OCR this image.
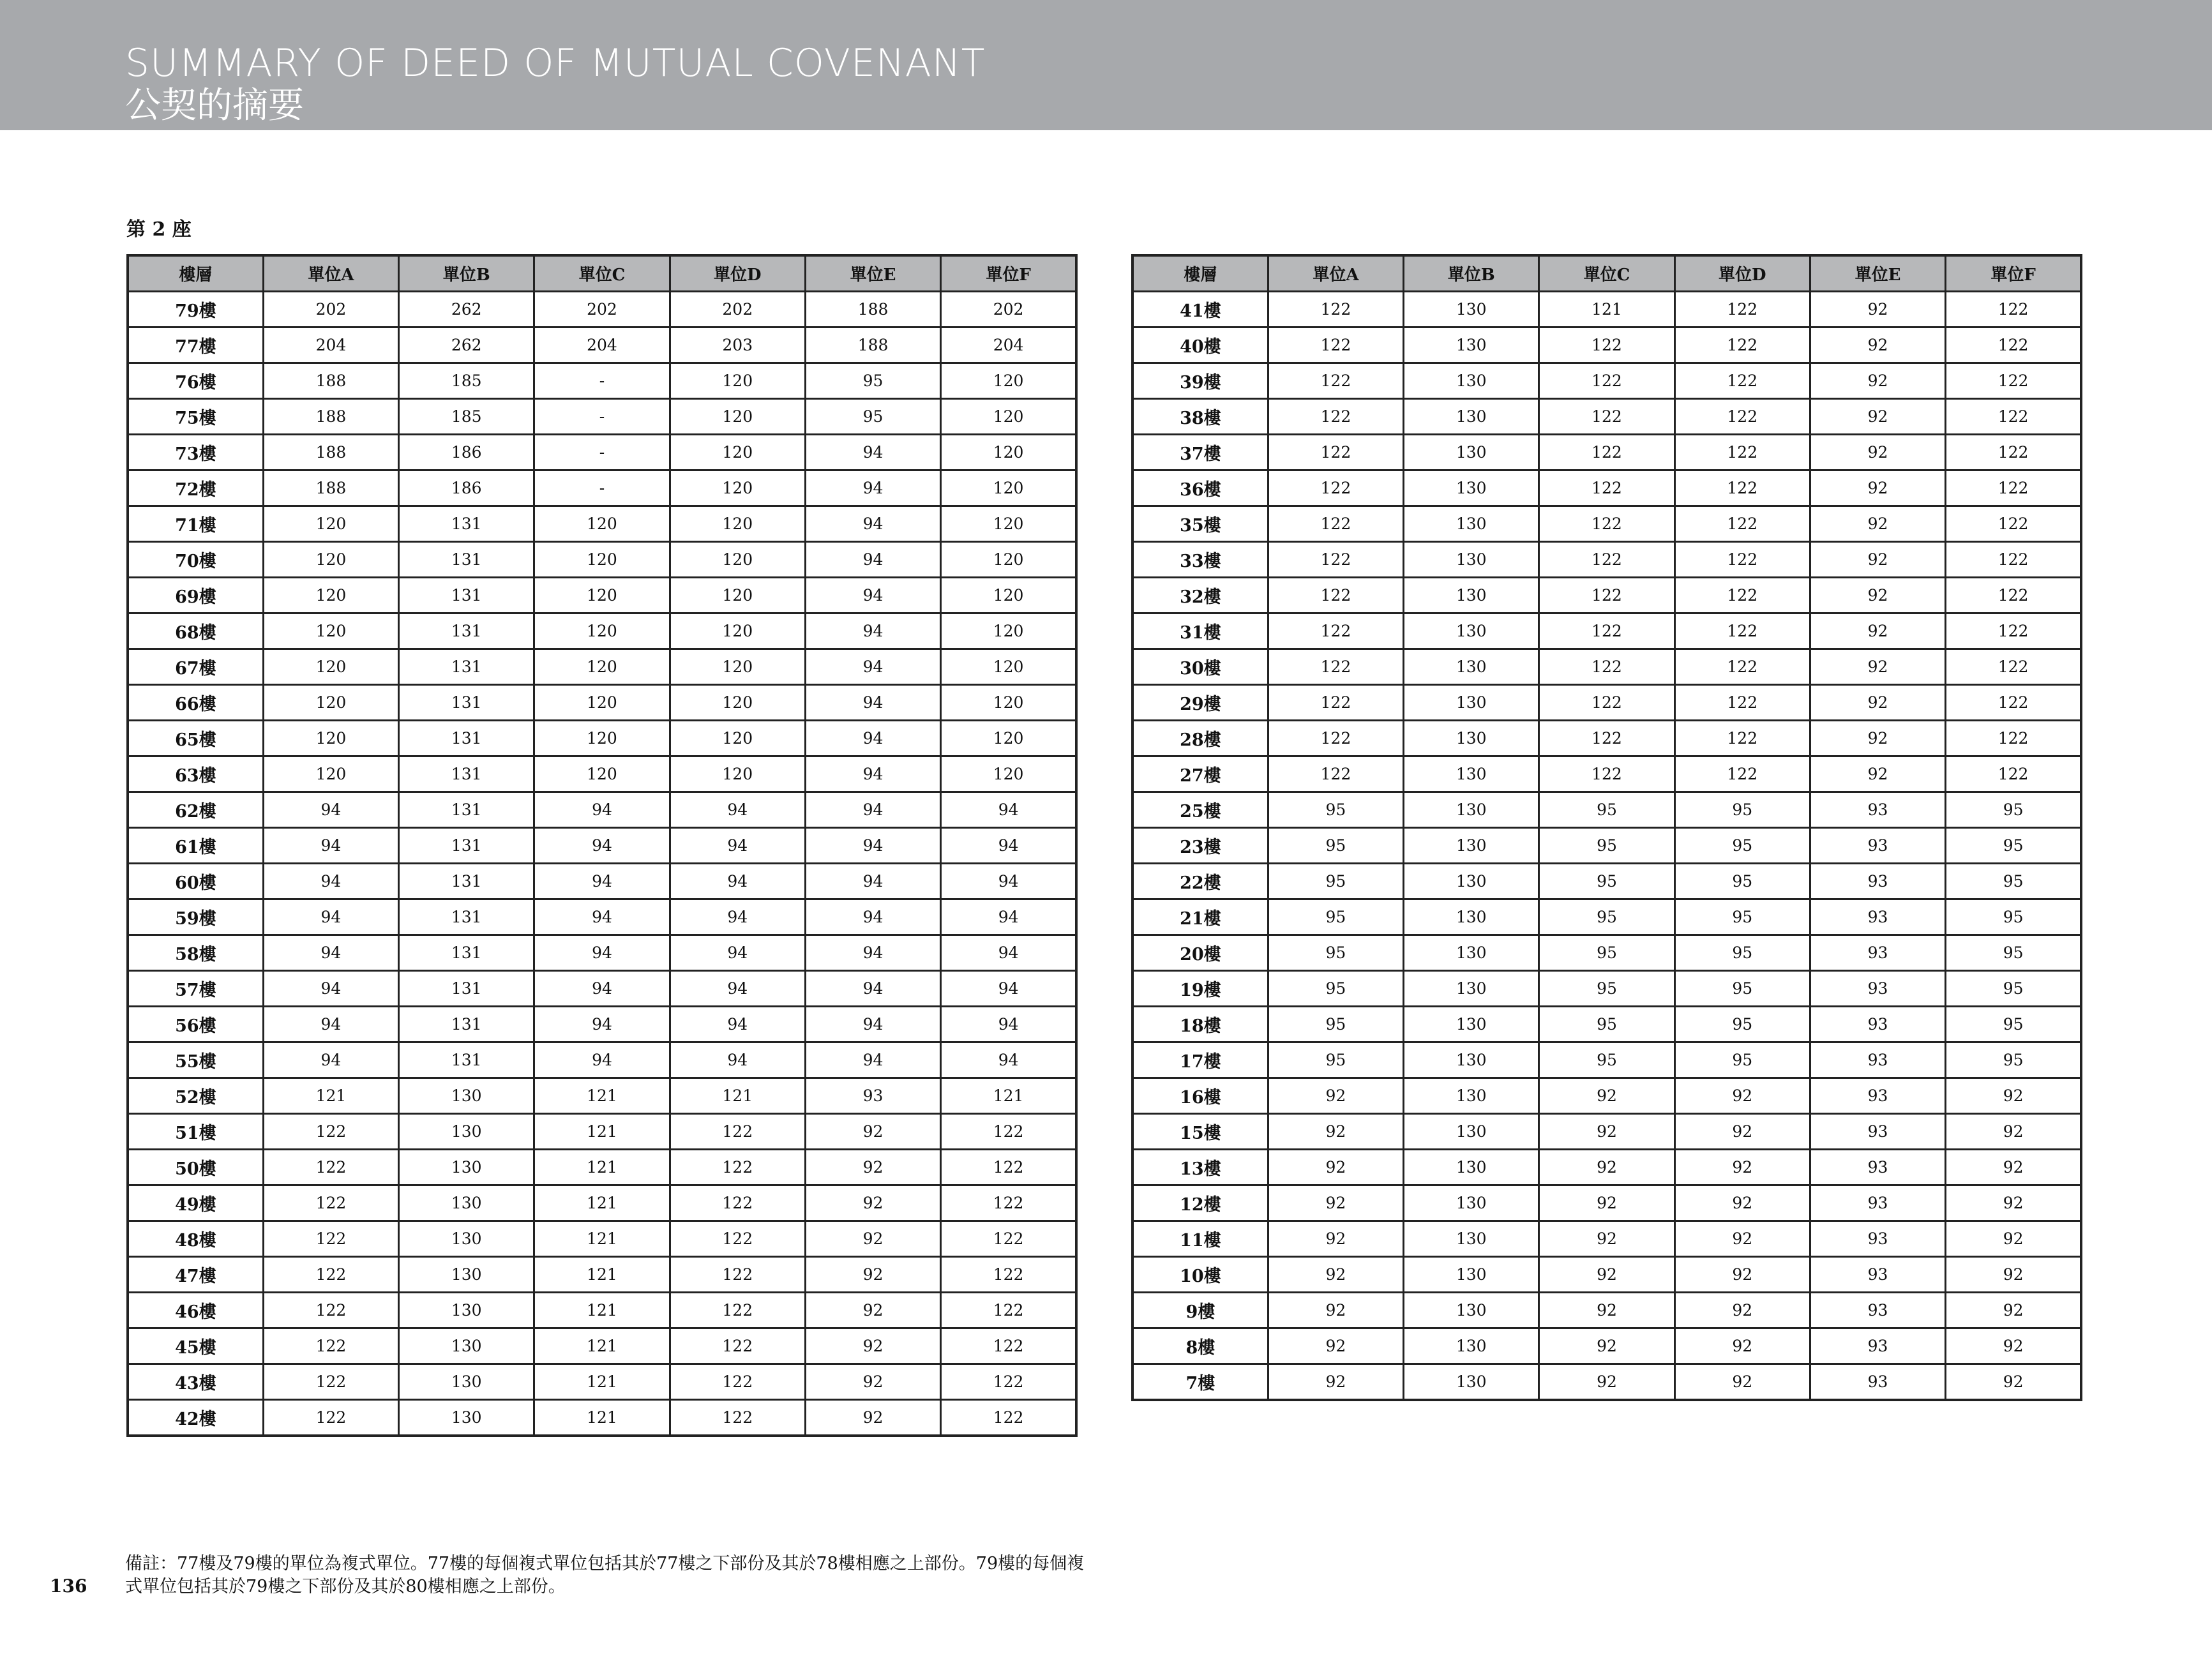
SUMMARY OF DEED OF MUTUAL COVENANT
公契的摘要
第 2 座
樓層	單位A	單位B	單位C	單位D	單位E	單位F
79樓	202	262	202	202	188	202
77樓	204	262	204	203	188	204
76樓	188	185	-	120	95	120
75樓	188	185	-	120	95	120
73樓	188	186	-	120	94	120
72樓	188	186	-	120	94	120
71樓	120	131	120	120	94	120
70樓	120	131	120	120	94	120
69樓	120	131	120	120	94	120
68樓	120	131	120	120	94	120
67樓	120	131	120	120	94	120
66樓	120	131	120	120	94	120
65樓	120	131	120	120	94	120
63樓	120	131	120	120	94	120
62樓	94	131	94	94	94	94
61樓	94	131	94	94	94	94
60樓	94	131	94	94	94	94
59樓	94	131	94	94	94	94
58樓	94	131	94	94	94	94
57樓	94	131	94	94	94	94
56樓	94	131	94	94	94	94
55樓	94	131	94	94	94	94
52樓	121	130	121	121	93	121
51樓	122	130	121	122	92	122
50樓	122	130	121	122	92	122
49樓	122	130	121	122	92	122
48樓	122	130	121	122	92	122
47樓	122	130	121	122	92	122
46樓	122	130	121	122	92	122
45樓	122	130	121	122	92	122
43樓	122	130	121	122	92	122
42樓	122	130	121	122	92	122
樓層	單位A	單位B	單位C	單位D	單位E	單位F
41樓	122	130	121	122	92	122
40樓	122	130	122	122	92	122
39樓	122	130	122	122	92	122
38樓	122	130	122	122	92	122
37樓	122	130	122	122	92	122
36樓	122	130	122	122	92	122
35樓	122	130	122	122	92	122
33樓	122	130	122	122	92	122
32樓	122	130	122	122	92	122
31樓	122	130	122	122	92	122
30樓	122	130	122	122	92	122
29樓	122	130	122	122	92	122
28樓	122	130	122	122	92	122
27樓	122	130	122	122	92	122
25樓	95	130	95	95	93	95
23樓	95	130	95	95	93	95
22樓	95	130	95	95	93	95
21樓	95	130	95	95	93	95
20樓	95	130	95	95	93	95
19樓	95	130	95	95	93	95
18樓	95	130	95	95	93	95
17樓	95	130	95	95	93	95
16樓	92	130	92	92	93	92
15樓	92	130	92	92	93	92
13樓	92	130	92	92	93	92
12樓	92	130	92	92	93	92
11樓	92	130	92	92	93	92
10樓	92	130	92	92	93	92
9樓	92	130	92	92	93	92
8樓	92	130	92	92	93	92
7樓	92	130	92	92	93	92
136
備註：77樓及79樓的單位為複式單位。77樓的每個複式單位包括其於77樓之下部份及其於78樓相應之上部份。79樓的每個複式單位包括其於79樓之下部份及其於80樓相應之上部份。
